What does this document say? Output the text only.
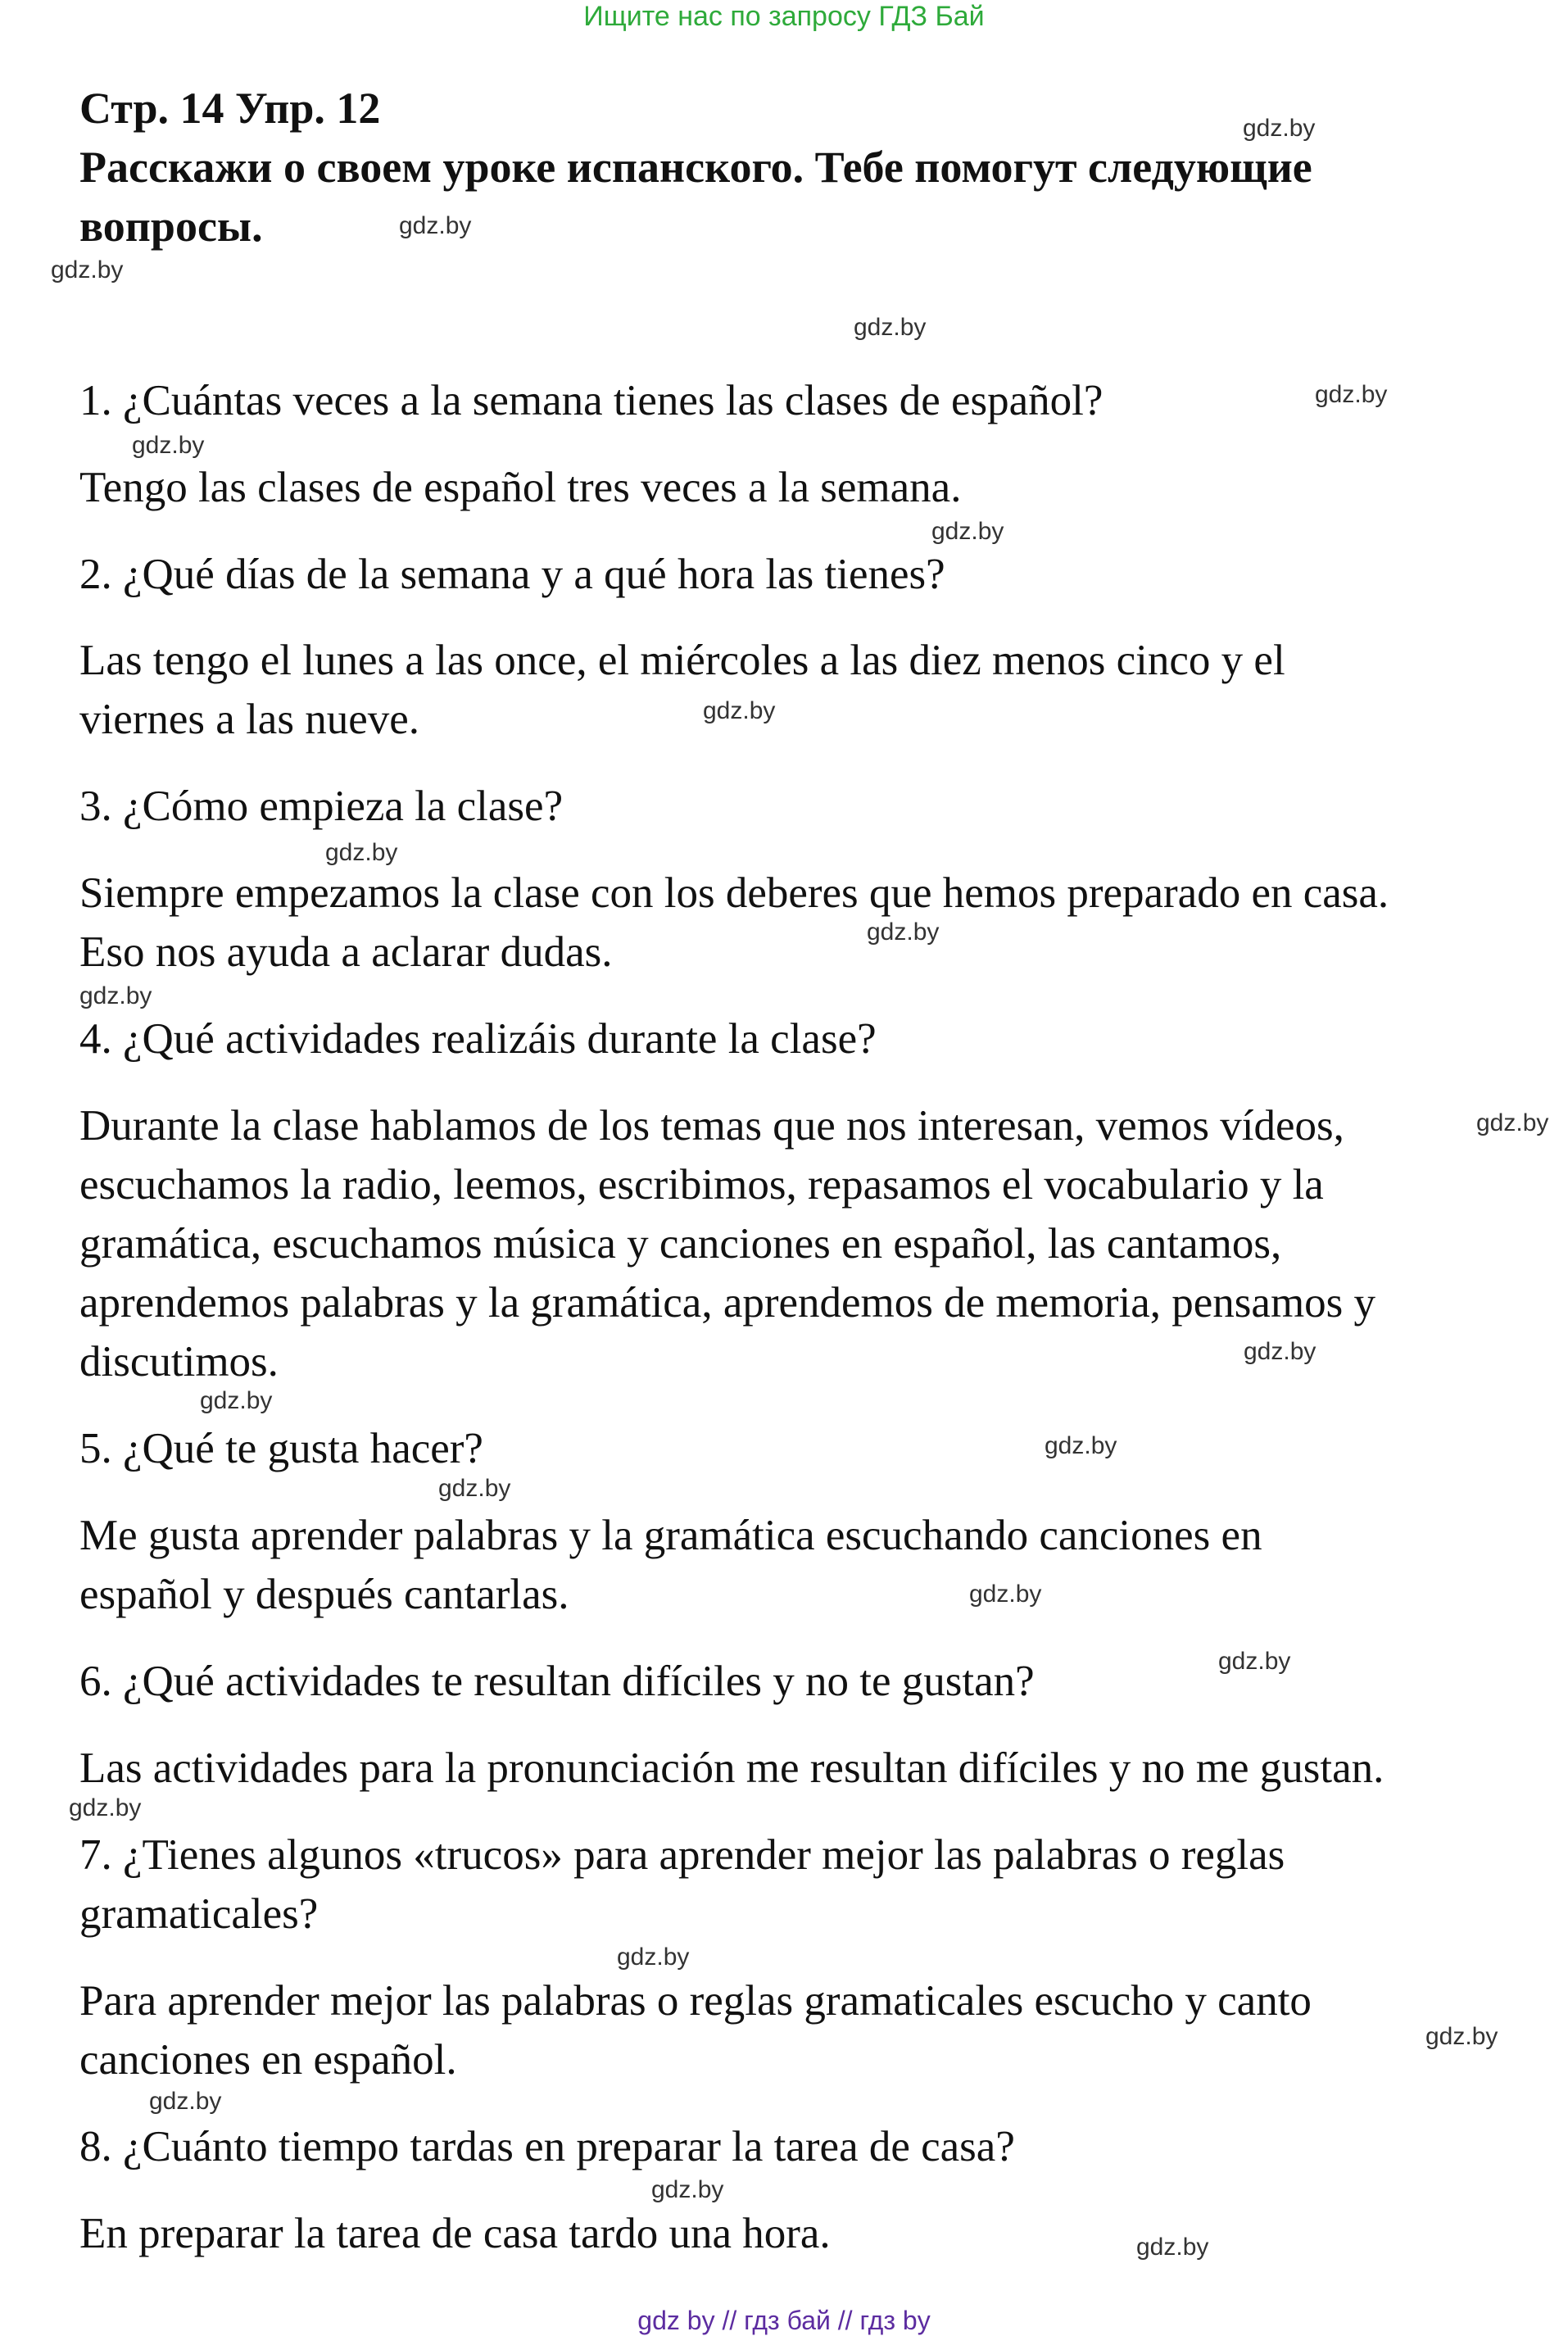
Ищите нас по запросу ГДЗ Бай
Стр. 14 Упр. 12
Расскажи о своем уроке испанского. Тебе помогут следующие
вопросы.
1. ¿Cuántas veces a la semana tienes las clases de español?
Tengo las clases de español tres veces a la semana.
2. ¿Qué días de la semana y a qué hora las tienes?
Las tengo el lunes a las once, el miércoles a las diez menos cinco y el
viernes a las nueve.
3. ¿Cómo empieza la clase?
Siempre empezamos la clase con los deberes que hemos preparado en casa.
Eso nos ayuda a aclarar dudas.
4. ¿Qué actividades realizáis durante la clase?
Durante la clase hablamos de los temas que nos interesan, vemos vídeos,
escuchamos la radio, leemos, escribimos, repasamos el vocabulario y la
gramática, escuchamos música y canciones en español, las cantamos,
aprendemos palabras y la gramática, aprendemos de memoria, pensamos y
discutimos.
5. ¿Qué te gusta hacer?
Me gusta aprender palabras y la gramática escuchando canciones en
español y después cantarlas.
6. ¿Qué actividades te resultan difíciles y no te gustan?
Las actividades para la pronunciación me resultan difíciles y no me gustan.
7. ¿Tienes algunos «trucos» para aprender mejor las palabras o reglas
gramaticales?
Para aprender mejor las palabras o reglas gramaticales escucho y canto
canciones en español.
8. ¿Cuánto tiempo tardas en preparar la tarea de casa?
En preparar la tarea de casa tardo una hora.
gdz.by
gdz.by
gdz.by
gdz.by
gdz.by
gdz.by
gdz.by
gdz.by
gdz.by
gdz.by
gdz.by
gdz.by
gdz.by
gdz.by
gdz.by
gdz.by
gdz.by
gdz.by
gdz.by
gdz.by
gdz.by
gdz.by
gdz.by
gdz.by
gdz by // гдз бай // гдз by
